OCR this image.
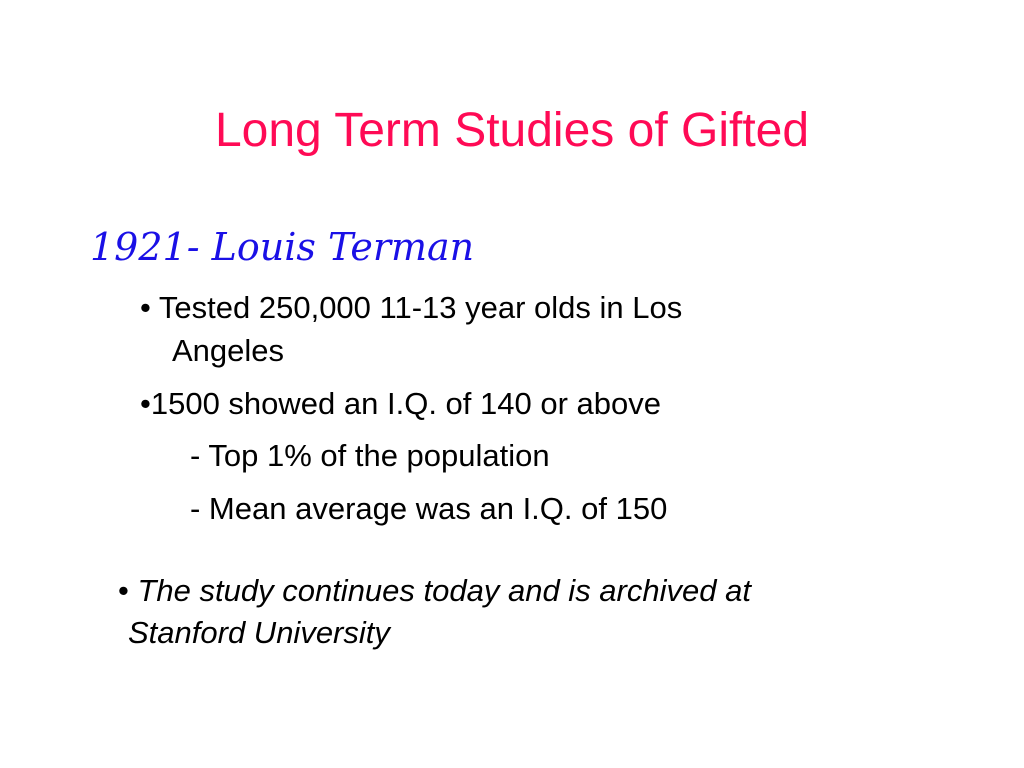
Long Term Studies of Gifted
1921- Louis Terman
• Tested 250,000 11-13 year olds in Los
Angeles
•1500 showed an I.Q. of 140 or above
- Top 1% of the population
- Mean average was an I.Q. of 150
• The study continues today and is archived at
Stanford University
